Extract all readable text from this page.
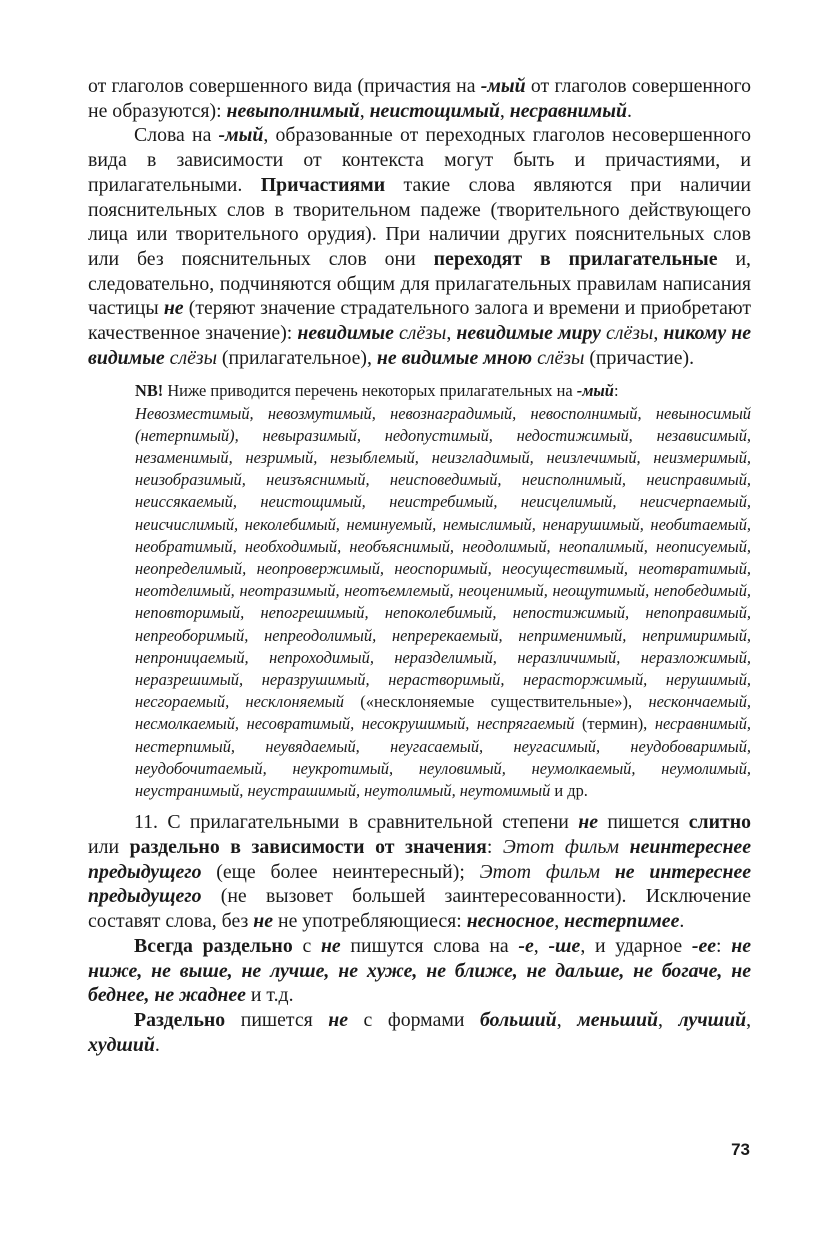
от глаголов совершенного вида (причастия на -мый от глаголов совершенного не образуются): невыполнимый, неистощимый, несравнимый.

Слова на -мый, образованные от переходных глаголов несовершенного вида в зависимости от контекста могут быть и причастиями, и прилагательными. Причастиями такие слова являются при наличии пояснительных слов в творительном падеже (творительного действующего лица или творительного орудия). При наличии других пояснительных слов или без пояснительных слов они переходят в прилагательные и, следовательно, подчиняются общим для прилагательных правилам написания частицы не (теряют значение страдательного залога и времени и приобретают качественное значение): невидимые слёзы, невидимые миру слёзы, никому не видимые слёзы (прилагательное), не видимые мною слёзы (причастие).

NB! Ниже приводится перечень некоторых прилагательных на -мый:
Невозместимый, невозмутимый, невознаградимый, невосполнимый, невыносимый (нетерпимый), невыразимый, недопустимый, недостижимый, независимый, незаменимый, незримый, незыблемый, неизгладимый, неизлечимый, неизмеримый, неизобразимый, неизъяснимый, неисповедимый, неисполнимый, неисправимый, неиссякаемый, неистощимый, неистребимый, неисцелимый, неисчерпаемый, неисчислимый, неколебимый, неминуемый, немыслимый, ненарушимый, необитаемый, необратимый, необходимый, необъяснимый, неодолимый, неопалимый, неописуемый, неопределимый, неопровержимый, неоспоримый, неосуществимый, неотвратимый, неотделимый, неотразимый, неотъемлемый, неоценимый, неощутимый, непобедимый, неповторимый, непогрешимый, непоколебимый, непостижимый, непоправимый, непреоборимый, непреодолимый, непререкаемый, неприменимый, непримиримый, непроницаемый, непроходимый, неразделимый, неразличимый, неразложимый, неразрешимый, неразрушимый, нерастворимый, нерасторжимый, нерушимый, несгораемый, несклоняемый («несклоняемые существительные»), нескончаемый, несмолкаемый, несовратимый, несокрушимый, неспрягаемый (термин), несравнимый, нестерпимый, неувядаемый, неугасаемый, неугасимый, неудобоваримый, неудобочитаемый, неукротимый, неуловимый, неумолкаемый, неумолимый, неустранимый, неустрашимый, неутолимый, неутомимый и др.

11. С прилагательными в сравнительной степени не пишется слитно или раздельно в зависимости от значения: Этот фильм неинтереснее предыдущего (еще более неинтересный); Этот фильм не интереснее предыдущего (не вызовет большей заинтересованности). Исключение составят слова, без не не употребляющиеся: несносное, нестерпимее.

Всегда раздельно с не пишутся слова на -е, -ше, и ударное -ее: не ниже, не выше, не лучше, не хуже, не ближе, не дальше, не богаче, не беднее, не жаднее и т.д.

Раздельно пишется не с формами больший, меньший, лучший, худший.

73
